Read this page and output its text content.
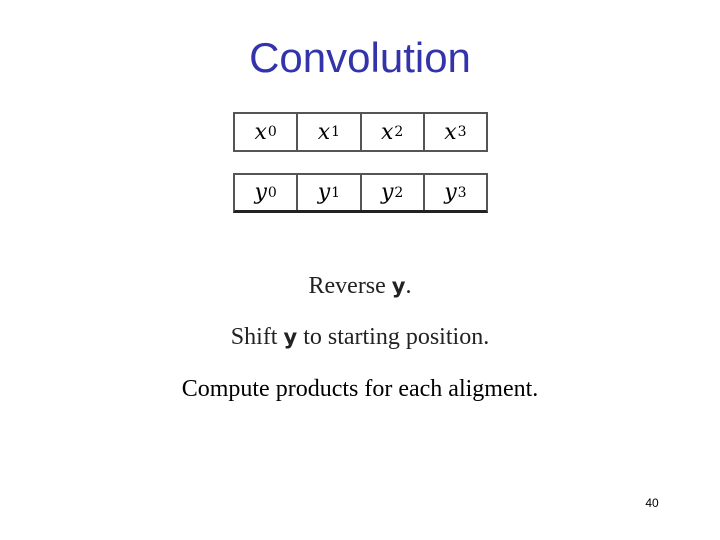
Convolution
x 0 x 1 x 2 x 3
y 0 y 1 y 2 y 3
Reverse y.
Shift y to starting position.
Compute products for each aligment.
40
